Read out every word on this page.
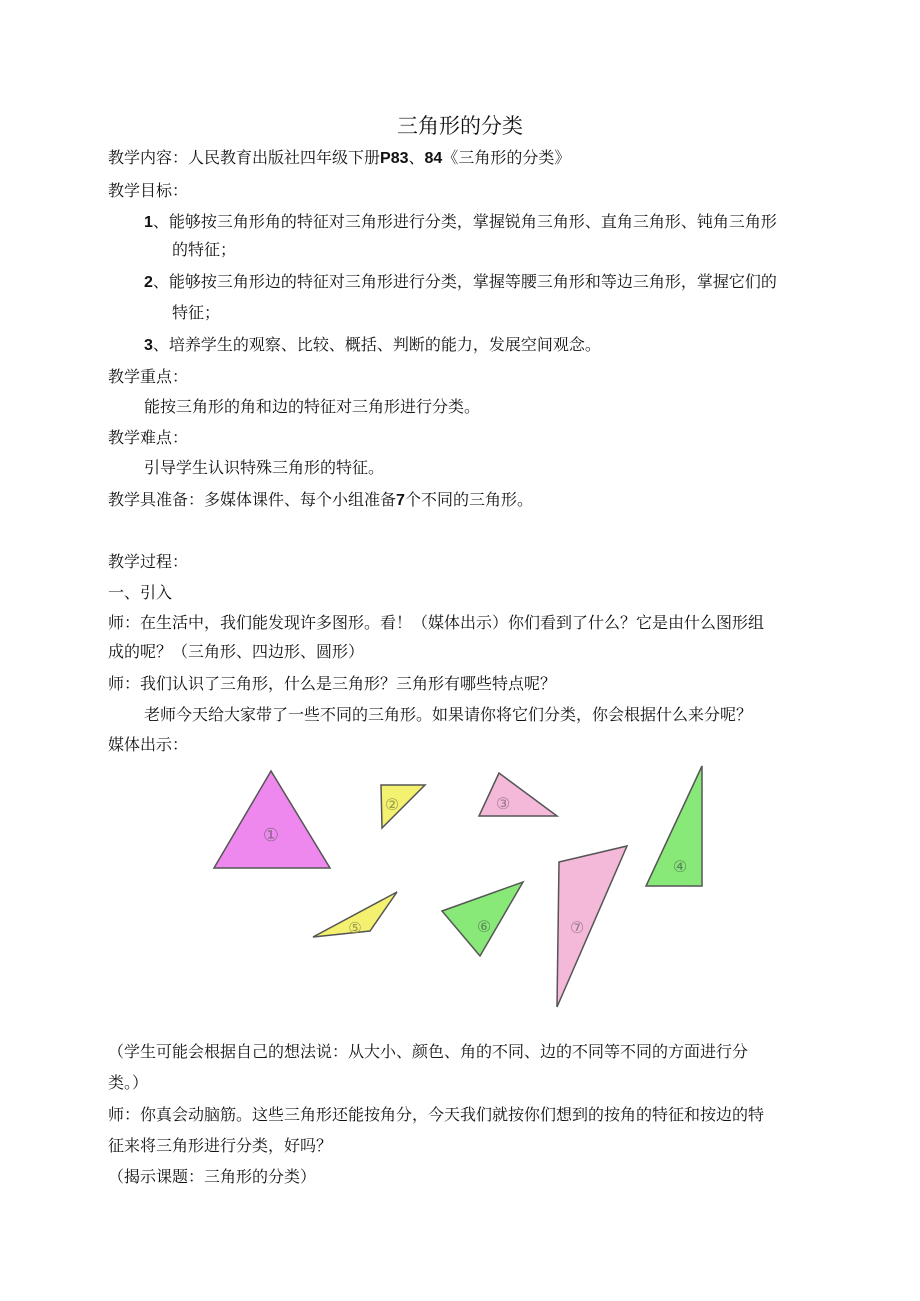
三角形的分类
教学内容：人民教育出版社四年级下册P83、84《三角形的分类》
教学目标：
1、能够按三角形角的特征对三角形进行分类，掌握锐角三角形、直角三角形、钝角三角形
的特征；
2、能够按三角形边的特征对三角形进行分类，掌握等腰三角形和等边三角形，掌握它们的
特征；
3、培养学生的观察、比较、概括、判断的能力，发展空间观念。
教学重点：
能按三角形的角和边的特征对三角形进行分类。
教学难点：
引导学生认识特殊三角形的特征。
教学具准备：多媒体课件、每个小组准备7个不同的三角形。
教学过程：
一、引入
师：在生活中，我们能发现许多图形。看！（媒体出示）你们看到了什么？它是由什么图形组
成的呢？（三角形、四边形、圆形）
师：我们认识了三角形，什么是三角形？三角形有哪些特点呢？
老师今天给大家带了一些不同的三角形。如果请你将它们分类，你会根据什么来分呢？
媒体出示：
①
②	③
④
⑤	⑥	⑦
（学生可能会根据自己的想法说：从大小、颜色、角的不同、边的不同等不同的方面进行分
类。）
师：你真会动脑筋。这些三角形还能按角分，今天我们就按你们想到的按角的特征和按边的特
征来将三角形进行分类，好吗？
（揭示课题：三角形的分类）
